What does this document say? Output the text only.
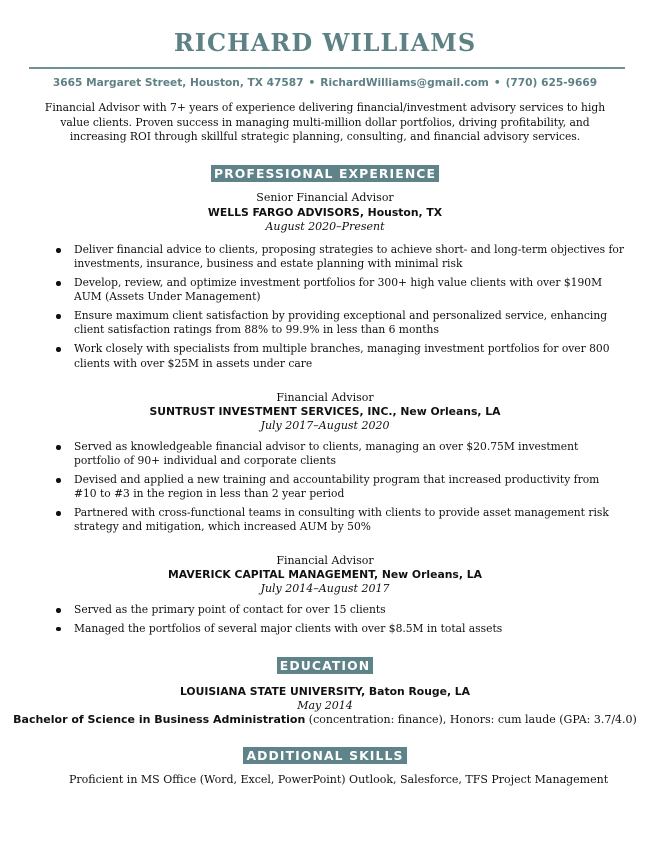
RICHARD WILLIAMS
3665 Margaret Street, Houston, TX 47587 • RichardWilliams@gmail.com • (770) 625-9669
Financial Advisor with 7+ years of experience delivering financial/investment advisory services to high value clients. Proven success in managing multi-million dollar portfolios, driving profitability, and increasing ROI through skillful strategic planning, consulting, and financial advisory services.
PROFESSIONAL EXPERIENCE
Senior Financial Advisor
WELLS FARGO ADVISORS, Houston, TX
August 2020–Present
Deliver financial advice to clients, proposing strategies to achieve short- and long-term objectives for investments, insurance, business and estate planning with minimal risk
Develop, review, and optimize investment portfolios for 300+ high value clients with over $190M AUM (Assets Under Management)
Ensure maximum client satisfaction by providing exceptional and personalized service, enhancing client satisfaction ratings from 88% to 99.9% in less than 6 months
Work closely with specialists from multiple branches, managing investment portfolios for over 800 clients with over $25M in assets under care
Financial Advisor
SUNTRUST INVESTMENT SERVICES, INC., New Orleans, LA
July 2017–August 2020
Served as knowledgeable financial advisor to clients, managing an over $20.75M investment portfolio of 90+ individual and corporate clients
Devised and applied a new training and accountability program that increased productivity from #10 to #3 in the region in less than 2 year period
Partnered with cross-functional teams in consulting with clients to provide asset management risk strategy and mitigation, which increased AUM by 50%
Financial Advisor
MAVERICK CAPITAL MANAGEMENT, New Orleans, LA
July 2014–August 2017
Served as the primary point of contact for over 15 clients
Managed the portfolios of several major clients with over $8.5M in total assets
EDUCATION
LOUISIANA STATE UNIVERSITY, Baton Rouge, LA
May 2014
Bachelor of Science in Business Administration (concentration: finance), Honors: cum laude (GPA: 3.7/4.0)
ADDITIONAL SKILLS
Proficient in MS Office (Word, Excel, PowerPoint) Outlook, Salesforce, TFS Project Management
